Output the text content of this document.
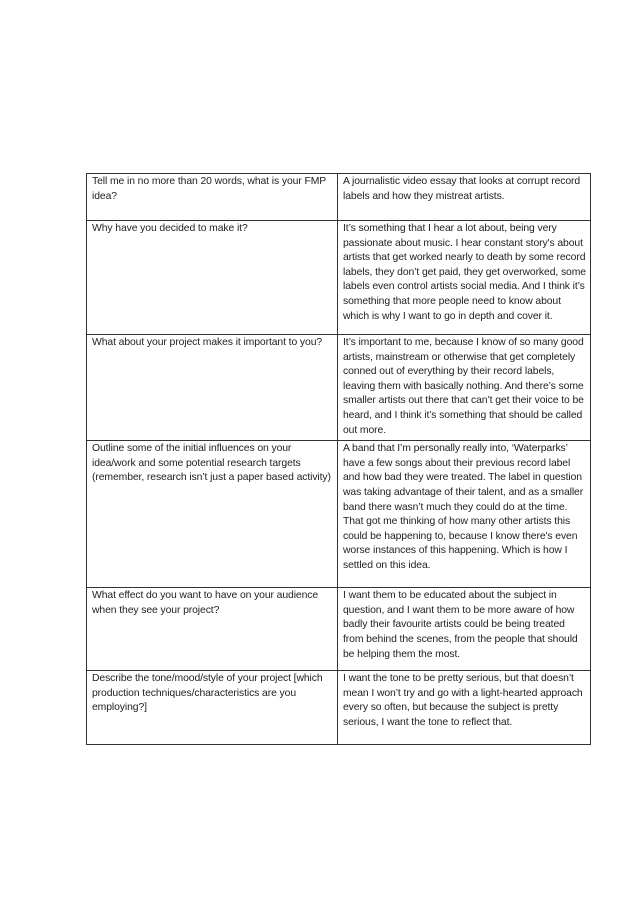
Tell me in no more than 20 words, what is your FMP idea?	A journalistic video essay that looks at corrupt record labels and how they mistreat artists.
Why have you decided to make it?	It’s something that I hear a lot about, being very passionate about music. I hear constant story's about artists that get worked nearly to death by some record labels, they don’t get paid, they get overworked, some labels even control artists social media. And I think it’s something that more people need to know about which is why I want to go in depth and cover it.
What about your project makes it important to you?	It’s important to me, because I know of so many good artists, mainstream or otherwise that get completely conned out of everything by their record labels, leaving them with basically nothing. And there’s some smaller artists out there that can’t get their voice to be heard, and I think it’s something that should be called out more.
Outline some of the initial influences on your idea/work and some potential research targets (remember, research isn’t just a paper based activity)	A band that I’m personally really into, ‘Waterparks’ have a few songs about their previous record label and how bad they were treated. The label in question was taking advantage of their talent, and as a smaller band there wasn’t much they could do at the time. That got me thinking of how many other artists this could be happening to, because I know there's even worse instances of this happening. Which is how I settled on this idea.
What effect do you want to have on your audience when they see your project?	I want them to be educated about the subject in question, and I want them to be more aware of how badly their favourite artists could be being treated from behind the scenes, from the people that should be helping them the most.
Describe the tone/mood/style of your project [which production techniques/characteristics are you employing?]	I want the tone to be pretty serious, but that doesn’t mean I won’t try and go with a light-hearted approach every so often, but because the subject is pretty serious, I want the tone to reflect that.
